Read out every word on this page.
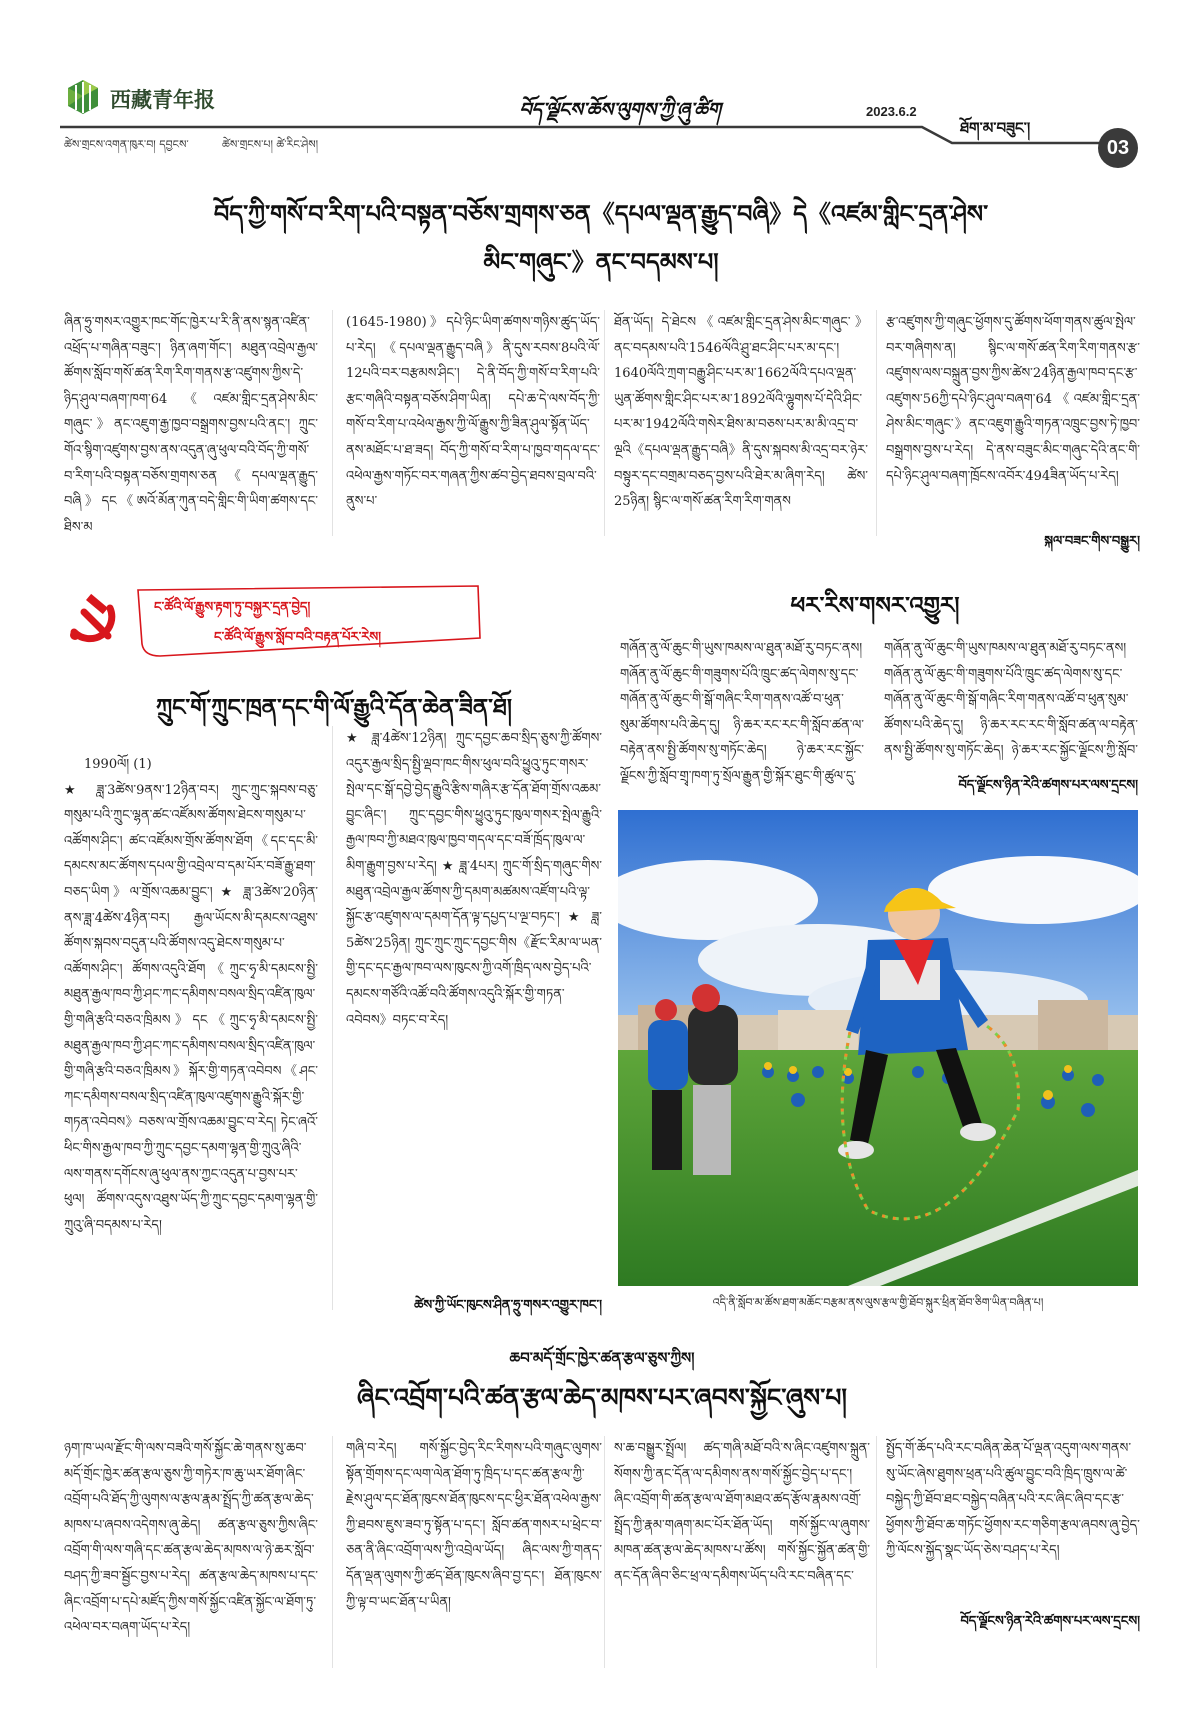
西藏青年报	བོད་ལྗོངས་ཆོས་ལུགས་ཀྱི་ཞུ་ཚིག	2023.6.2
ཚེས་གྲངས་འགན་ཁུར་བ། དབྱངས་	ཚེས་གྲངས་པ། ཚེ་རིང་ཤེས།
ཐོག་མ་བཟུང་།
03
བོད་ཀྱི་གསོ་བ་རིག་པའི་བསྟན་བཅོས་གྲགས་ཅན《དཔལ་ལྡན་རྒྱུད་བཞི》དེ《འཛམ་གླིང་དྲན་ཤེས་
མིང་གཞུང་》ནང་བདམས་པ།
ཞིན་ཧྲུ་གསར་འགྱུར་ཁང་གོང་ཁྱེར་པ་རི་ནི་ནས་སྙན་འཛིན་འཕྲོད་པ་གཞིན་བཟུང་། ཉིན་ཞག་གོང་། མཐུན་འབྲེལ་རྒྱལ་ཚོགས་སློབ་གསོ་ཚན་རིག་རིག་གནས་རྩ་འཛུགས་ཀྱིས་དེ་ཉིད་ཤུལ་བཞག་ཁག་64《འཛམ་གླིང་དྲན་ཤེས་མིང་གཞུང་》ནང་འཇུག་རྒྱ་ཁྱབ་བསྒྲགས་བྱས་པའི་ནང་། ཀྲུང་གོའ་སྙིག་འཛུགས་བྱས་ནས་འདུན་ཞུ་ཕུལ་བའི་བོད་ཀྱི་གསོ་བ་རིག་པའི་བསྟན་བཅོས་གྲགས་ཅན《དཔལ་ལྡན་རྒྱུད་བཞི》དང《ཨའོ་མོན་ཀུན་བདེ་གླིང་གི་ཡིག་ཚགས་དང་ཐིས་མ
(1645-1980)》དཔེ་ཉིང་ཡིག་ཚགས་གཉིས་ཚུད་ཡོད་པ་རེད། 《དཔལ་ལྡན་རྒྱུད་བཞི》ནི་དུས་རབས་8པའི་ལོ་12པའི་བར་བརྩམས་ཤིང་། དེ་ནི་བོད་ཀྱི་གསོ་བ་རིག་པའི་རྩང་གཞིའི་བསྟན་བཅོས་ཤིག་ཡིན། དཔེ་ཆ་དེ་ལས་བོད་ཀྱི་གསོ་བ་རིག་པ་འཕེལ་རྒྱས་ཀྱི་ལོ་རྒྱུས་ཀྱི་ཟིན་ཤུལ་སྟོན་ཡོད་ནས་མཐོང་པ་ཐ་ཟད། བོད་ཀྱི་གསོ་བ་རིག་པ་ཁྱབ་གདལ་དང་འཕེལ་རྒྱས་གཏོང་བར་གཞན་ཀྱིས་ཚབ་བྱེད་ཐབས་བྲལ་བའི་ནུས་པ་
ཐོན་ཡོད། དེ་ཐེངས《འཛམ་གླིང་དྲན་ཤེས་མིང་གཞུང་》ནང་བདམས་པའི་1546ལོའི་ཤྲུ་ཐང་ཤིང་པར་མ་དང་། 1640ལོའི་ཀྲག་བརྒྱུ་ཤིང་པར་མ་1662ལོའི་དཔའ་ལྡན་ཡུན་ཚོགས་གླིང་ཤིང་པར་མ་1892ལོའི་ལྷུགས་པོ་དེའི་ཤིང་པར་མ་1942ལོའི་གསེར་ཐིས་མ་བཅས་པར་མ་མི་འདྲ་བ་ལྔའི《དཔལ་ལྡན་རྒྱུད་བཞི》ནི་དུས་སྐབས་མི་འདྲ་བར་ཉེར་བསྟུར་དང་བགྲམ་བཅད་བྱས་པའི་ཐེར་མ་ཞིག་རེད། ཚེས་25ཉིན། སྙིང་ལ་གསོ་ཚན་རིག་རིག་གནས
རྩ་འཛུགས་ཀྱི་གཞུང་ཕྱོགས་དུ་ཚོགས་ཕོག་གནས་ཚུལ་སྤེལ་བར་གཞིགས་ན། སྙིང་ལ་གསོ་ཚན་རིག་རིག་གནས་རྩ་འཛུགས་ལས་བསྐྲུན་བྱས་ཀྱིས་ཚེས་24ཉིན་རྒྱལ་ཁབ་དང་རྩ་འཛུགས་56ཀྱི་དཔེ་ཉིང་ཤུལ་བཞག་64《འཛམ་གླིང་དྲན་ཤེས་མིང་གཞུང་》ནང་འཇུག་རྒྱུའི་གཏན་འཁྲུང་བྱས་ཏེ་ཁྱབ་བསྒྲགས་བྱས་པ་རེད། དེ་ནས་བཟུང་མིང་གཞུང་དེའི་ནང་གི་དཔེ་ཉིང་ཤུལ་བཞག་ཁྲོངས་འབོར་494ཟིན་ཡོད་པ་རེད།
སྐལ་བཟང་གིས་བསྒྱུར།
ང་ཚོའི་ལོ་རྒྱུས་རྟག་ཏུ་བསྐྱར་དྲན་བྱེད།
ང་ཚོའི་ལོ་རྒྱུས་སློབ་བའི་བརྟན་པོར་རེས།
ཀྲུང་གོ་ཀྲུང་ཁྲན་དང་གི་ལོ་རྒྱུའི་དོན་ཆེན་ཟིན་ཐོ།

1990ལོ། (1)

★ ཟླ་3ཚེས་9ནས་12ཉིན་བར། ཀྲུང་ཀྲུང་སྐབས་བཅུ་གསུམ་པའི་ཀྲུང་ལྷན་ཚང་འཛོམས་ཚོགས་ཐེངས་གསུམ་པ་འཚོགས་ཤིང་། ཚང་འཛོམས་གྲོས་ཚོགས་ཐོག《དང་དང་མི་དམངས་མང་ཚོགས་དཔལ་གྱི་འབྲེལ་བ་དམ་པོར་བཟོ་རྒྱུ་ཐག་བཅད་ཡིག》ལ་གྲོས་འཆམ་བྱུང་། ★ ཟླ་3ཚེས་20ཉིན་ནས་ཟླ་4ཚེས་4ཉིན་བར། རྒྱལ་ཡོངས་མི་དམངས་འཐུས་ཚོགས་སྐབས་བདུན་པའི་ཚོགས་འདུ་ཐེངས་གསུམ་པ་འཚོགས་ཤིང་། ཚོགས་འདུའི་ཐོག《ཀྲུང་ཧྭ་མི་དམངས་སྤྱི་མཐུན་རྒྱལ་ཁབ་ཀྱི་ཤང་ཀང་དམིགས་བསལ་སྲིད་འཛིན་ཁུལ་གྱི་གཞི་རྩའི་བཅའ་ཁྲིམས》དང《ཀྲུང་ཧྭ་མི་དམངས་སྤྱི་མཐུན་རྒྱལ་ཁབ་ཀྱི་ཤང་ཀང་དམིགས་བསལ་སྲིད་འཛིན་ཁུལ་གྱི་གཞི་རྩའི་བཅའ་ཁྲིམས》སྐོར་གྱི་གཏན་འབེབས《ཤང་ཀང་དམིགས་བསལ་སྲིད་འཛིན་ཁུལ་འཛུགས་རྒྱུའི་སྐོར་གྱི་གཏན་འབེབས》བཅས་ལ་གྲོས་འཆམ་བྱུང་བ་རེད། ཏེང་ཞའོ་ཕིང་གིས་རྒྱལ་ཁབ་ཀྱི་ཀྲུང་དབྱང་དམག་ལྷན་གྱི་ཀྲུའུ་ཞིའི་ལས་གནས་དགོངས་ཞུ་ཕུལ་ནས་ཀྱང་འདུན་པ་བྱས་པར་ཕུལ། ཚོགས་འདུས་འཐུས་ཡོད་ཀྱི་ཀྲུང་དབྱང་དམག་ལྷན་གྱི་ཀྲུའུ་ཞི་བདམས་པ་རེད།

★ ཟླ་4ཚེས་12ཉིན། ཀྲུང་དབྱང་ཆབ་སྲིད་ཅུས་ཀྱི་ཚོགས་འདུར་རྒྱལ་སྲིད་སྤྱི་ལྡབ་ཁང་གིས་ཕུལ་བའི་ཕྱུའུ་ཏུང་གསར་སྤེལ་དང་སྒོ་དབྱེ་བྱེད་རྒྱུའི་རྩིས་གཞིར་རྩ་དོན་ཐོག་གྲོས་འཆམ་བྱུང་ཞིང་། ཀྲུང་དབྱང་གིས་ཕྱུའུ་ཏུང་ཁུལ་གསར་སྤེལ་རྒྱུའི་རྒྱལ་ཁབ་ཀྱི་མཐའ་ཁུལ་ཁྱབ་གདལ་དང་བཟོ་ཁྲོད་ཁུལ་ལ་མིག་རྒྱུག་བྱས་པ་རེད། ★ ཟླ་4པར། ཀྲུང་གོ་སྲིད་གཞུང་གིས་མཐུན་འབྲེལ་རྒྱལ་ཚོགས་ཀྱི་དམག་མཚམས་འཛོག་པའི་ལྟ་སྐྱོང་རྩ་འཛུགས་ལ་དམག་དོན་ལྟ་དཔྱད་པ་ལྔ་བཏང་། ★ ཟླ་5ཚེས་25ཉིན། ཀྲུང་ཀྲུང་ཀྲུང་དབྱང་གིས《རྫོང་རིམ་ལ་ཡན་གྱི་དང་དང་རྒྱལ་ཁབ་ལས་ཁུངས་ཀྱི་འགོ་ཁྲིད་ལས་བྱེད་པའི་དམངས་གཙོའི་འཚོ་བའི་ཚོགས་འདུའི་སྐོར་གྱི་གཏན་འབེབས》བཏང་བ་རེད།
ཚེས་ཀྱི་ཡོང་ཁུངས་ཤིན་ཧྲུ་གསར་འགྱུར་ཁང་།
ཕར་རིས་གསར་འགྱུར།
གཞོན་ནུ་ལོ་ཆུང་གི་ཡུས་ཁམས་ལ་ཐུན་མཐོ་རུ་བཏང་ནས། གཞོན་ནུ་ལོ་ཆུང་གི་གཟུགས་པོའི་ཁྲུང་ཚད་ལེགས་སུ་དང་གཞོན་ནུ་ལོ་ཆུང་གི་སྒོ་གཞིང་རིག་གནས་འཚོ་བ་ཕུན་སུམ་ཚོགས་པའི་ཆེད་དུ། ཉི་ཆར་རང་རང་གི་སློབ་ཚན་ལ་བརྟེན་ནས་སྤྱི་ཚོགས་སུ་གཏོང་ཆེད། ཉེ་ཆར་རང་སྐྱོང་ལྗོངས་ཀྱི་སློབ་གྲྭ་ཁག་ཏུ་སྲོལ་རྒྱུན་གྱི་སྐོར་ཐུང་གི་ཚུལ་དུ་
གཞོན་ནུ་ལོ་ཆུང་གི་ཡུས་ཁམས་ལ་ཐུན་མཐོ་རུ་བཏང་ནས། གཞོན་ནུ་ལོ་ཆུང་གི་གཟུགས་པོའི་ཁྲུང་ཚད་ལེགས་སུ་དང་གཞོན་ནུ་ལོ་ཆུང་གི་སྒོ་གཞིང་རིག་གནས་འཚོ་བ་ཕུན་སུམ་ཚོགས་པའི་ཆེད་དུ། ཉི་ཆར་རང་རང་གི་སློབ་ཚན་ལ་བརྟེན་ནས་སྤྱི་ཚོགས་སུ་གཏོང་ཆེད། ཉེ་ཆར་རང་སྐྱོང་ལྗོངས་ཀྱི་སློབ་
བོད་ལྗོངས་ཉིན་རེའི་ཚགས་པར་ལས་དྲངས།
འདི་ནི་སློབ་མ་ཚོས་ཐག་མཆོང་བརྩམ་ནས་ལུས་རྩལ་གྱི་ཐོབ་སྐུར་ཕྲིན་ཐོབ་ཅིག་ཡིན་བཞིན་པ།
ཆབ་མདོ་གྲོང་ཁྱེར་ཚན་རྩལ་ཅུས་ཀྱིས།
ཞིང་འབྲོག་པའི་ཚན་རྩལ་ཆེད་མཁས་པར་ཞབས་སྐྱོང་ཞུས་པ།
ཉག་ཁ་ཡལ་རྫོང་གི་ལས་བཟའི་གསོ་སྐྱོང་ཆེ་གནས་སུ་ཆབ་མདོ་གྲོང་ཁྱེར་ཚན་རྩལ་ཅུས་ཀྱི་གཏེར་ཁ་ཆུ་ཡར་ཐོག་ཞིང་འབྲོག་པའི་ཐོད་ཀྱི་ལུགས་ལ་རྩལ་རྣམ་སྤྲོད་ཀྱི་ཚན་རྩལ་ཆེད་མཁས་པ་ཞབས་འདེགས་ཞུ་ཆེད། ཚན་རྩལ་ཅུས་ཀྱིས་ཞིང་འབྲོག་གི་ལས་གཞི་དང་ཚན་རྩལ་ཆེད་མཁས་ལ་ཉེ་ཆར་སློབ་བཤད་ཀྱི་ཟབ་སྦྱོང་བྱས་པ་རེད། ཚན་རྩལ་ཆེད་མཁས་པ་དང་ཞིང་འབྲོག་པ་དཔེ་མཛོད་ཀྱིས་གསོ་སྐྱོང་འཛིན་སྐྱོང་ལ་ཐོག་ཏུ་འཕེལ་བར་བཞག་ཡོད་པ་རེད།
གཞི་བ་རེད། གསོ་སྐྱོང་བྱེད་རིང་རིགས་པའི་གཞུང་ལུགས་སྟོན་གྲོགས་དང་ལག་ལེན་ཐོག་ཏུ་ཁྲིད་པ་དང་ཚན་རྩལ་ཀྱི་རྗེས་ཤུལ་དང་ཐོན་ཁུངས་ཐོན་ཁུངས་དང་ཕྱིར་ཐོན་འཕེལ་རྒྱས་ཀྱི་ཐབས་ཇུས་ཟབ་ཏུ་སྟོན་པ་དང་། སློབ་ཚན་གསར་པ་ཕྲེང་བ་ཅན་ནི་ཞིང་འབྲོག་ལས་ཀྱི་འབྲེལ་ཡོད། ཞིང་ལས་ཀྱི་གནད་དོན་ལྡན་ལུགས་ཀྱི་ཚད་ཐོན་ཁུངས་ཞིབ་བྱ་དང་། ཐོན་ཁུངས་ཀྱི་ལྟ་བ་ཡང་ཐོན་པ་ཡིན།
ས་ཆ་བསྒྱུར་སྤྲོལ། ཚད་གཞི་མཐོ་བའི་ས་ཞིང་འཛུགས་སྐྲུན་སོགས་ཀྱི་ནང་དོན་ལ་དམིགས་ནས་གསོ་སྐྱོང་བྱེད་པ་དང་། ཞིང་འབྲོག་གི་ཚན་རྩལ་ལ་ཐོག་མཐའ་ཚད་རྩོལ་རྣམས་འགྲོ་སྤྲོད་ཀྱི་རྣམ་གཞག་མང་པོར་ཐོན་ཡོད། གསོ་སྐྱོང་ལ་ཞུགས་མཁན་ཚན་རྩལ་ཆེད་མཁས་པ་ཚོས། གསོ་སྐྱོང་སྐྱོན་ཚན་གྱི་ནང་དོན་ཞིབ་ཅིང་ཕྲ་ལ་དམིགས་ཡོད་པའི་རང་བཞིན་དང་
སྤྱོད་གོ་ཆོད་པའི་རང་བཞིན་ཆེན་པོ་ལྡན་འདུག་ལས་གནས་སུ་ཡོང་ཞེས་ཐུགས་ཕྲན་པའི་ཚུལ་བྱུང་བའི་ཁྲིད་ཁྲུས་ལ་ཚེ་བསྐྱེད་ཀྱི་ཐོབ་ཐང་བསྐྱེད་བཞིན་པའི་རང་ཞིང་ཞིབ་དང་རྩ་ཕྱོགས་ཀྱི་ཐོབ་ཆ་གཏོང་ཕྱོགས་རང་གཅིག་རྩལ་ཞབས་ཞུ་བྱེད་ཀྱི་ལོངས་སྐྱོད་སྣང་ཡོད་ཅེས་བཤད་པ་རེད།
བོད་ལྗོངས་ཉིན་རེའི་ཚགས་པར་ལས་དྲངས།
